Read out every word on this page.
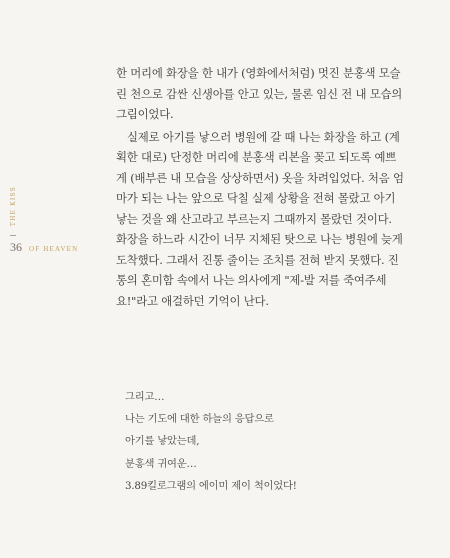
THE KISS
36 OF HEAVEN

한 머리에 화장을 한 내가 (영화에서처럼) 멋진 분홍색 모슬
린 천으로 감싼 신생아를 안고 있는, 물론 임신 전 내 모습의
그림이었다.

실제로 아기를 낳으러 병원에 갈 때 나는 화장을 하고 (계
획한 대로) 단정한 머리에 분홍색 리본을 꽂고 되도록 예쁘
게 (배부른 내 모습을 상상하면서) 옷을 차려입었다. 처음 엄
마가 되는 나는 앞으로 닥칠 실제 상황을 전혀 몰랐고 아기
낳는 것을 왜 산고라고 부르는지 그때까지 몰랐던 것이다.
화장을 하느라 시간이 너무 지체된 탓으로 나는 병원에 늦게
도착했다. 그래서 진통 줄이는 조치를 전혀 받지 못했다. 진
통의 혼미함 속에서 나는 의사에게 "제-발 저를 죽여주세
요!"라고 애걸하던 기억이 난다.

그리고…
나는 기도에 대한 하늘의 응답으로
아기를 낳았는데,
분홍색 귀여운…
3.89킬로그램의 에이미 제이 척이었다!
